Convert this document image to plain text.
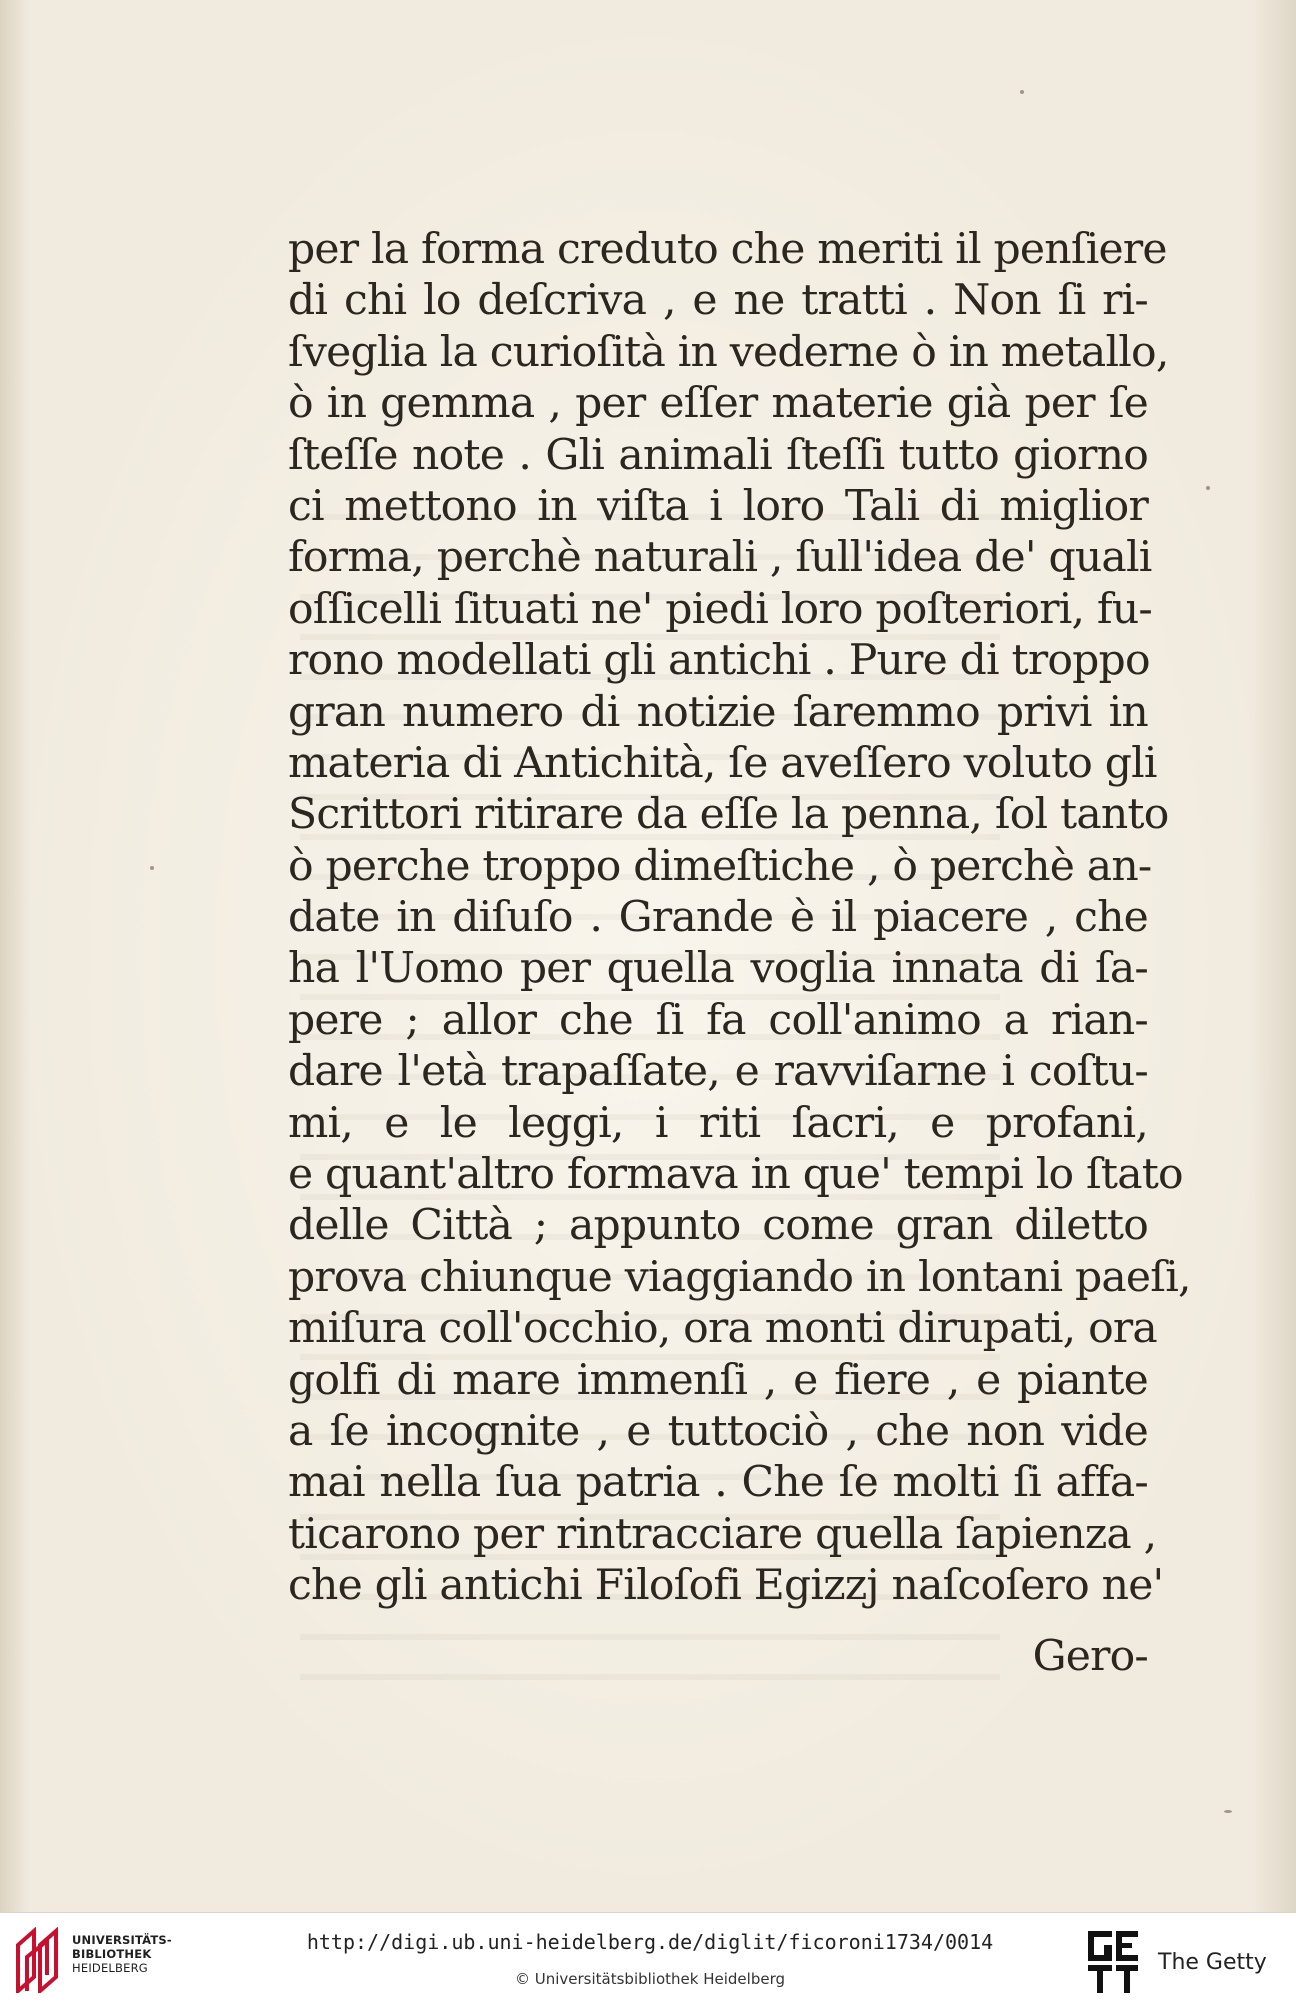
per la forma creduto che meriti il penſiere
di chi lo deſcriva , e ne tratti . Non ſi ri-
ſveglia la curioſità in vederne ò in metallo,
ò in gemma , per eſſer materie già per ſe
ſteſſe note . Gli animali ſteſſi tutto giorno
ci mettono in viſta i loro Tali di miglior
forma, perchè naturali , ſull'idea de' quali
oſſicelli ſituati ne' piedi loro poſteriori, fu-
rono modellati gli antichi . Pure di troppo
gran numero di notizie ſaremmo privi in
materia di Antichità, ſe aveſſero voluto gli
Scrittori ritirare da eſſe la penna, ſol tanto
ò perche troppo dimeſtiche , ò perchè an-
date in diſuſo . Grande è il piacere , che
ha l'Uomo per quella voglia innata di ſa-
pere ; allor che ſi fa coll'animo a rian-
dare l'età trapaſſate, e ravviſarne i coſtu-
mi, e le leggi, i riti ſacri, e profani,
e quant'altro formava in que' tempi lo ſtato
delle Città ; appunto come gran diletto
prova chiunque viaggiando in lontani paeſi,
miſura coll'occhio, ora monti dirupati, ora
golfi di mare immenſi , e fiere , e piante
a ſe incognite , e tuttociò , che non vide
mai nella ſua patria . Che ſe molti ſi affa-
ticarono per rintracciare quella ſapienza ,
che gli antichi Filoſofi Egizzj naſcoſero ne'
Gero-
UNIVERSITÄTS-
BIBLIOTHEK
HEIDELBERG
http://digi.ub.uni-heidelberg.de/diglit/ficoroni1734/0014
© Universitätsbibliothek Heidelberg
The Getty
